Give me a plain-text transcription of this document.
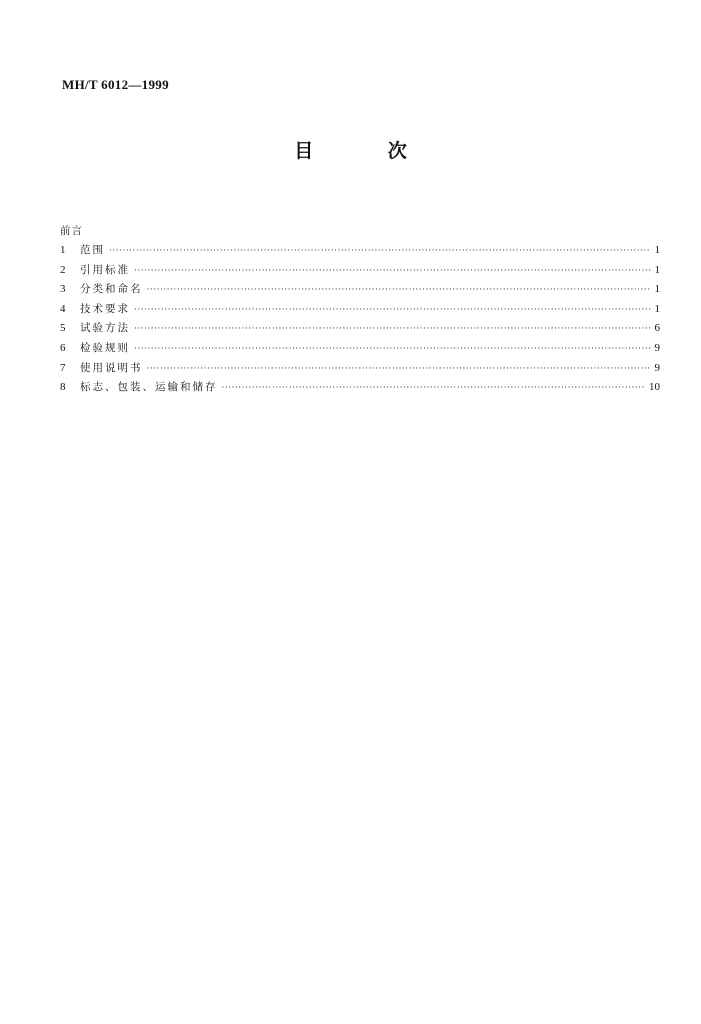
MH/T 6012—1999
目 次
前言
1	范围 ·····	1
2	引用标准 ·····	1
3	分类和命名 ·····	1
4	技术要求 ·····	1
5	试验方法 ·····	6
6	检验规则 ·····	9
7	使用说明书 ·····	9
8	标志、包装、运输和储存 ·····	10
